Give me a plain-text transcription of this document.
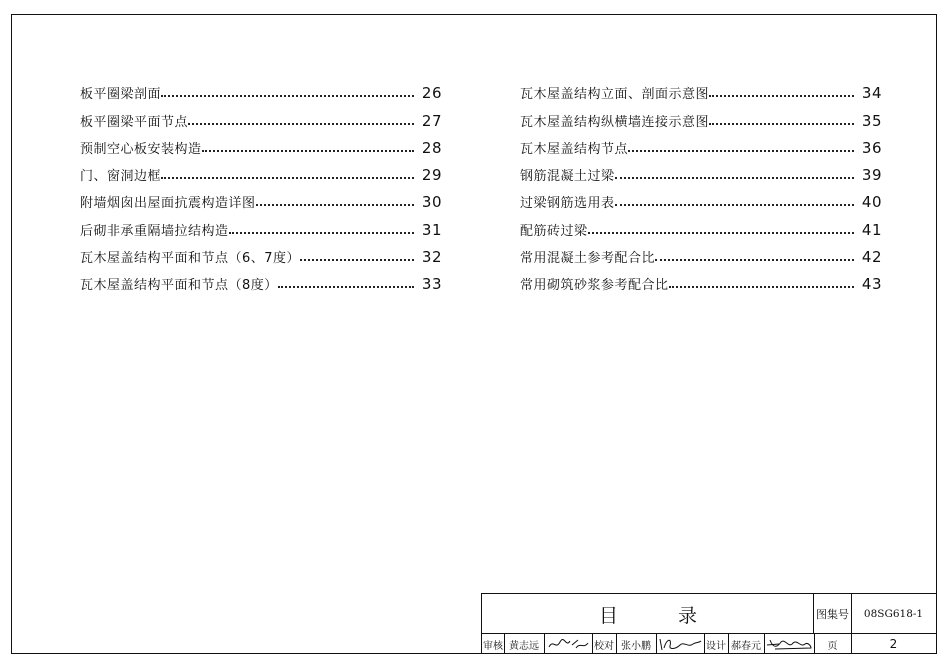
板平圈梁剖面	26
板平圈梁平面节点	27
预制空心板安装构造	28
门、窗洞边框	29
附墙烟囱出屋面抗震构造详图	30
后砌非承重隔墙拉结构造	31
瓦木屋盖结构平面和节点（6、7度）	32
瓦木屋盖结构平面和节点（8度）	33
瓦木屋盖结构立面、剖面示意图	34
瓦木屋盖结构纵横墙连接示意图	35
瓦木屋盖结构节点	36
钢筋混凝土过梁	39
过梁钢筋选用表	40
配筋砖过梁	41
常用混凝土参考配合比	42
常用砌筑砂浆参考配合比	43
目录	图集号	08SG618-1
审核 黄志远	校对 张小鹏	设计 郝春元	页	2
